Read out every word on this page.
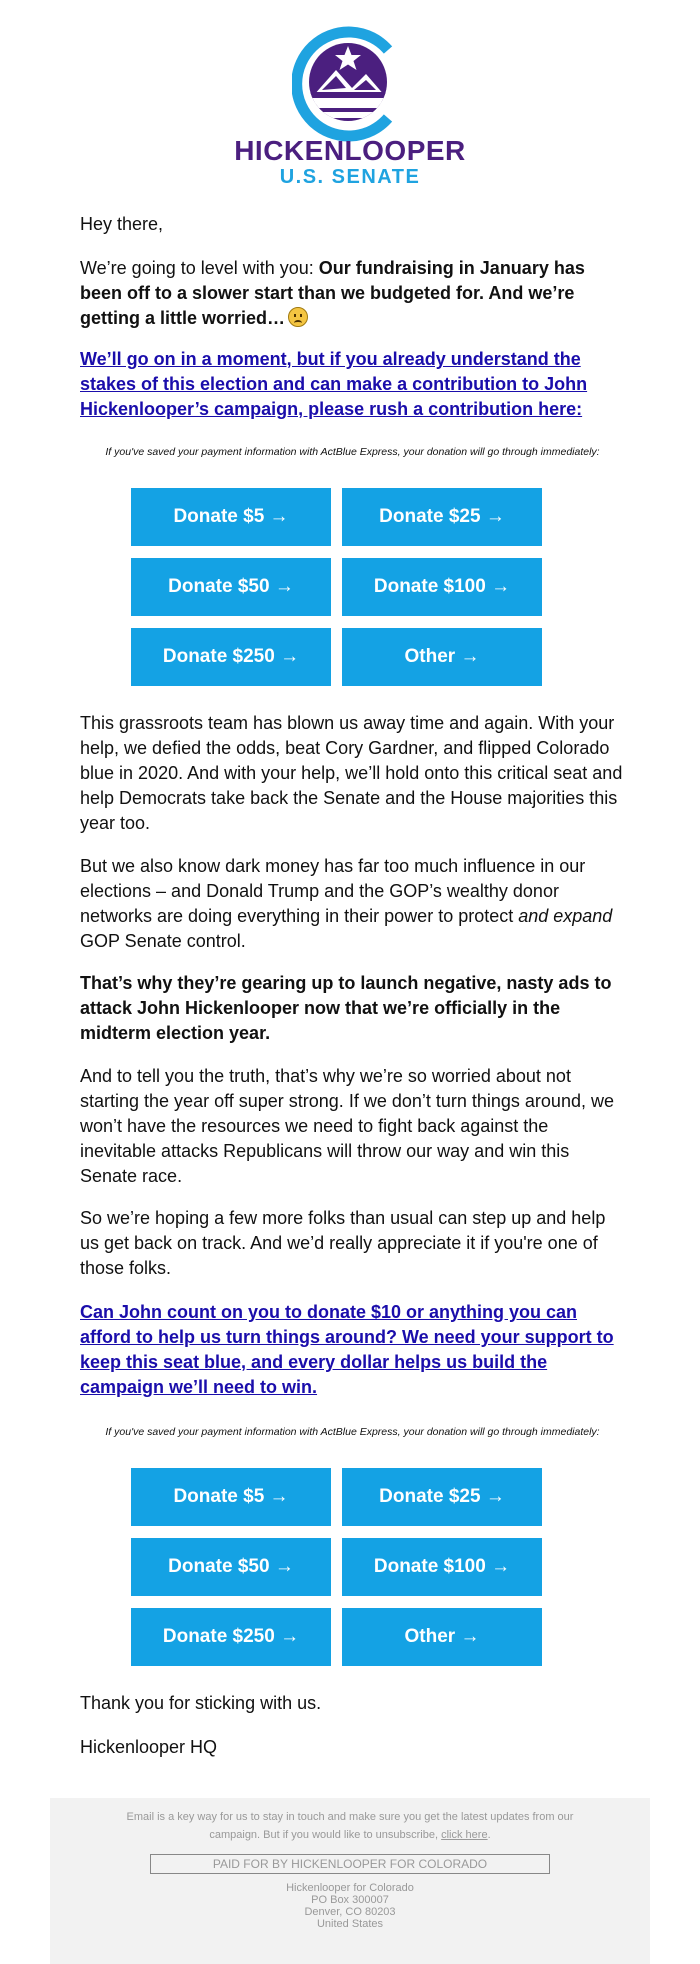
HICKENLOOPER
U.S. SENATE
Hey there,
We’re going to level with you: Our fundraising in January has been off to a slower start than we budgeted for. And we’re getting a little worried…
We’ll go on in a moment, but if you already understand the stakes of this election and can make a contribution to John Hickenlooper’s campaign, please rush a contribution here:
If you've saved your payment information with ActBlue Express, your donation will go through immediately:
Donate $5 →	Donate $25 →
Donate $50 →	Donate $100 →
Donate $250 →	Other →
This grassroots team has blown us away time and again. With your help, we defied the odds, beat Cory Gardner, and flipped Colorado blue in 2020. And with your help, we’ll hold onto this critical seat and help Democrats take back the Senate and the House majorities this year too.
But we also know dark money has far too much influence in our elections – and Donald Trump and the GOP’s wealthy donor networks are doing everything in their power to protect and expand GOP Senate control.
That’s why they’re gearing up to launch negative, nasty ads to attack John Hickenlooper now that we’re officially in the midterm election year.
And to tell you the truth, that’s why we’re so worried about not starting the year off super strong. If we don’t turn things around, we won’t have the resources we need to fight back against the inevitable attacks Republicans will throw our way and win this Senate race.
So we’re hoping a few more folks than usual can step up and help us get back on track. And we’d really appreciate it if you're one of those folks.
Can John count on you to donate $10 or anything you can afford to help us turn things around? We need your support to keep this seat blue, and every dollar helps us build the campaign we’ll need to win.
If you've saved your payment information with ActBlue Express, your donation will go through immediately:
Donate $5 →	Donate $25 →
Donate $50 →	Donate $100 →
Donate $250 →	Other →
Thank you for sticking with us.
Hickenlooper HQ
Email is a key way for us to stay in touch and make sure you get the latest updates from our campaign. But if you would like to unsubscribe, click here.
PAID FOR BY HICKENLOOPER FOR COLORADO
Hickenlooper for Colorado
PO Box 300007
Denver, CO 80203
United States
